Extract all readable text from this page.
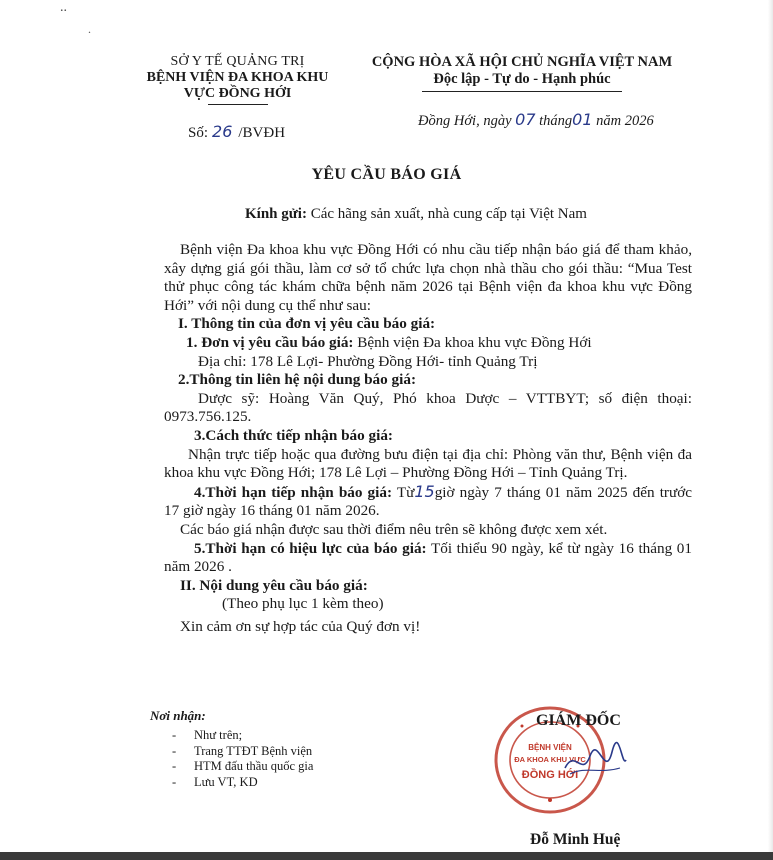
..
.
SỞ Y TẾ QUẢNG TRỊ
BỆNH VIỆN ĐA KHOA KHU
VỰC ĐỒNG HỚI
Số: 26 /BVĐH
CỘNG HÒA XÃ HỘI CHỦ NGHĨA VIỆT NAM
Độc lập - Tự do - Hạnh phúc
Đồng Hới, ngày 07 tháng01 năm 2026
YÊU CẦU BÁO GIÁ
Kính gửi: Các hãng sản xuất, nhà cung cấp tại Việt Nam

Bệnh viện Đa khoa khu vực Đồng Hới có nhu cầu tiếp nhận báo giá để tham khảo, xây dựng giá gói thầu, làm cơ sở tổ chức lựa chọn nhà thầu cho gói thầu: “Mua Test thử phục công tác khám chữa bệnh năm 2026 tại Bệnh viện đa khoa khu vực Đồng Hới” với nội dung cụ thể như sau:

I. Thông tin của đơn vị yêu cầu báo giá:

1. Đơn vị yêu cầu báo giá: Bệnh viện Đa khoa khu vực Đồng Hới

Địa chỉ: 178 Lê Lợi- Phường Đồng Hới- tỉnh Quảng Trị

2.Thông tin liên hệ nội dung báo giá:

Dược sỹ: Hoàng Văn Quý, Phó khoa Dược – VTTBYT; số điện thoại: 0973.756.125.

3.Cách thức tiếp nhận báo giá:

Nhận trực tiếp hoặc qua đường bưu điện tại địa chỉ: Phòng văn thư, Bệnh viện đa khoa khu vực Đồng Hới; 178 Lê Lợi – Phường Đồng Hới – Tỉnh Quảng Trị.

4.Thời hạn tiếp nhận báo giá: Từ15giờ ngày 7 tháng 01 năm 2025 đến trước 17 giờ ngày 16 tháng 01 năm 2026.

Các báo giá nhận được sau thời điểm nêu trên sẽ không được xem xét.

5.Thời hạn có hiệu lực của báo giá: Tối thiểu 90 ngày, kể từ ngày 16 tháng 01 năm 2026 .

II. Nội dung yêu cầu báo giá:

(Theo phụ lục 1 kèm theo)

Xin cảm ơn sự hợp tác của Quý đơn vị!

Nơi nhận:
- Như trên;
- Trang TTĐT Bệnh viện
- HTM đấu thầu quốc gia
- Lưu VT, KD
BỆNH VIỆN
ĐA KHOA KHU VỰC
ĐỒNG HỚI
GIÁM ĐỐC
Đỗ Minh Huệ
